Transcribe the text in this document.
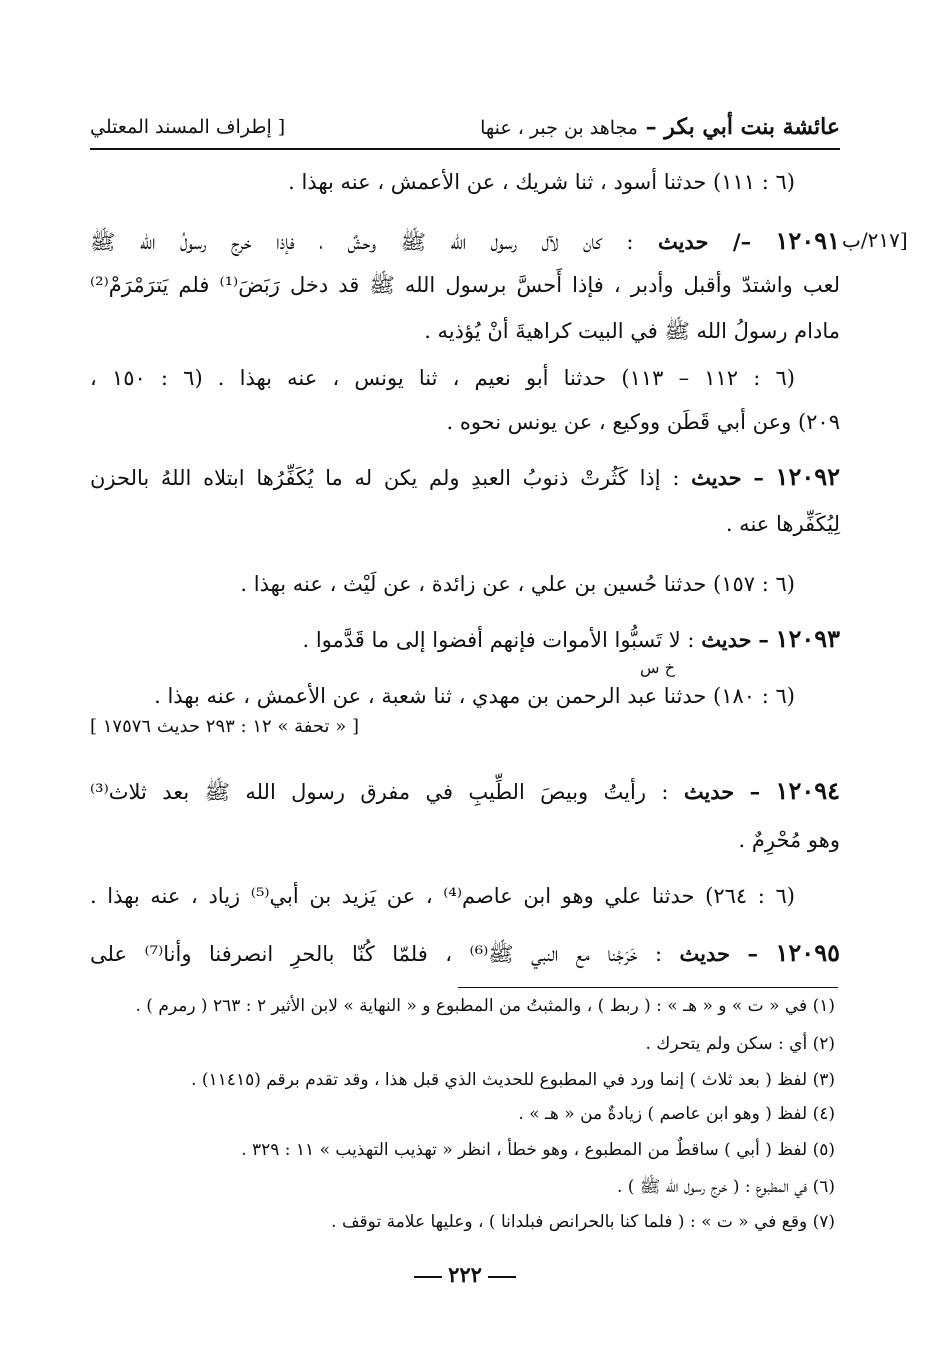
عائشة بنت أبي بكر – مجاهد بن جبر ، عنها
[ إطراف المسند المعتلي
(٦ : ١١١) حدثنا أسود ، ثنا شريك ، عن الأعمش ، عنه بهذا .
٢١٧/ب]
١٢٠٩١ –/ حديث : كان لآل رسول الله ﷺ وحشٌ ، فإذا خرج رسولُ الله ﷺ
لعب واشتدّ وأقبل وأدبر ، فإذا أَحسَّ برسول الله ﷺ قد دخل رَبَضَ⁽¹⁾ فلم يَترَمْرَمْ⁽²⁾
مادام رسولُ الله ﷺ في البيت كراهيةَ أنْ يُؤذيه .
(٦ : ١١٢ – ١١٣) حدثنا أبو نعيم ، ثنا يونس ، عنه بهذا . (٦ : ١٥٠ ،
٢٠٩) وعن أبي قَطَن ووكيع ، عن يونس نحوه .
١٢٠٩٢ – حديث : إذا كَثُرتْ ذنوبُ العبدِ ولم يكن له ما يُكَفِّرُها ابتلاه اللهُ بالحزن
لِيُكَفِّرها عنه .
(٦ : ١٥٧) حدثنا حُسين بن علي ، عن زائدة ، عن لَيْث ، عنه بهذا .
١٢٠٩٣ – حديث : لا تَسبُّوا الأموات فإنهم أفضوا إلى ما قَدَّموا .
خ س
(٦ : ١٨٠) حدثنا عبد الرحمن بن مهدي ، ثنا شعبة ، عن الأعمش ، عنه بهذا .
[ « تحفة » ١٢ : ٢٩٣ حديث ١٧٥٧٦ ]
١٢٠٩٤ – حديث : رأيتُ وبيصَ الطِّيبِ في مفرق رسول الله ﷺ بعد ثلاث⁽³⁾
وهو مُحْرِمٌ .
(٦ : ٢٦٤) حدثنا علي وهو ابن عاصم⁽⁴⁾ ، عن يَزيد بن أبي⁽⁵⁾ زياد ، عنه بهذا .
١٢٠٩٥ – حديث : خَرَجْنا مع النبي ﷺ⁽⁶⁾ ، فلمّا كُنّا بالحرِ انصرفنا وأنا⁽⁷⁾ على
(١) في « ت » و « هـ » : ( ربط ) ، والمثبتُ من المطبوع و « النهاية » لابن الأثير ٢ : ٢٦٣ ( رمرم ) .
(٢) أي : سكن ولم يتحرك .
(٣) لفظ ( بعد ثلاث ) إنما ورد في المطبوع للحديث الذي قبل هذا ، وقد تقدم برقم (١١٤١٥) .
(٤) لفظ ( وهو ابن عاصم ) زيادةٌ من « هـ » .
(٥) لفظ ( أبي ) ساقطٌ من المطبوع ، وهو خطأ ، انظر « تهذيب التهذيب » ١١ : ٣٢٩ .
(٦) في المطبوع : ( خرج رسول الله ﷺ ) .
(٧) وقع في « ت » : ( فلما كنا بالحرانص فبلدانا ) ، وعليها علامة توقف .
٢٢٢
